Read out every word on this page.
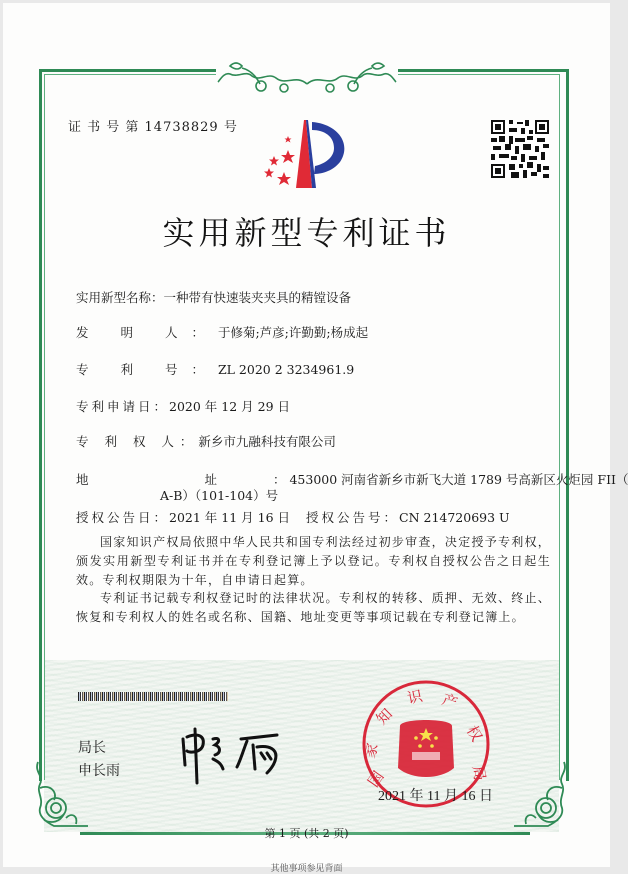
证 书 号 第 14738829 号
实用新型专利证书
实用新型名称：一种带有快速装夹夹具的精镗设备
发 明 人：于修菊;芦彦;许勤勤;杨成起
专 利 号：ZL 2020 2 3234961.9
专利申请日：2020 年 12 月 29 日
专 利 权 人：新乡市九融科技有限公司
地 址：453000 河南省新乡市新飞大道 1789 号高新区火炬园 FII（
A-B）（101-104）号
授权公告日：2021 年 11 月 16 日 授权公告号：CN 214720693 U
国家知识产权局依照中华人民共和国专利法经过初步审查，决定授予专利权，颁发实用新型专利证书并在专利登记簿上予以登记。专利权自授权公告之日起生效。专利权期限为十年，自申请日起算。
专利证书记载专利权登记时的法律状况。专利权的转移、质押、无效、终止、恢复和专利权人的姓名或名称、国籍、地址变更等事项记载在专利登记簿上。
局长
申长雨	国
家
知
识 产
权
局
2021 年 11 月 16 日
第 1 页 (共 2 页)
其他事项参见背面
